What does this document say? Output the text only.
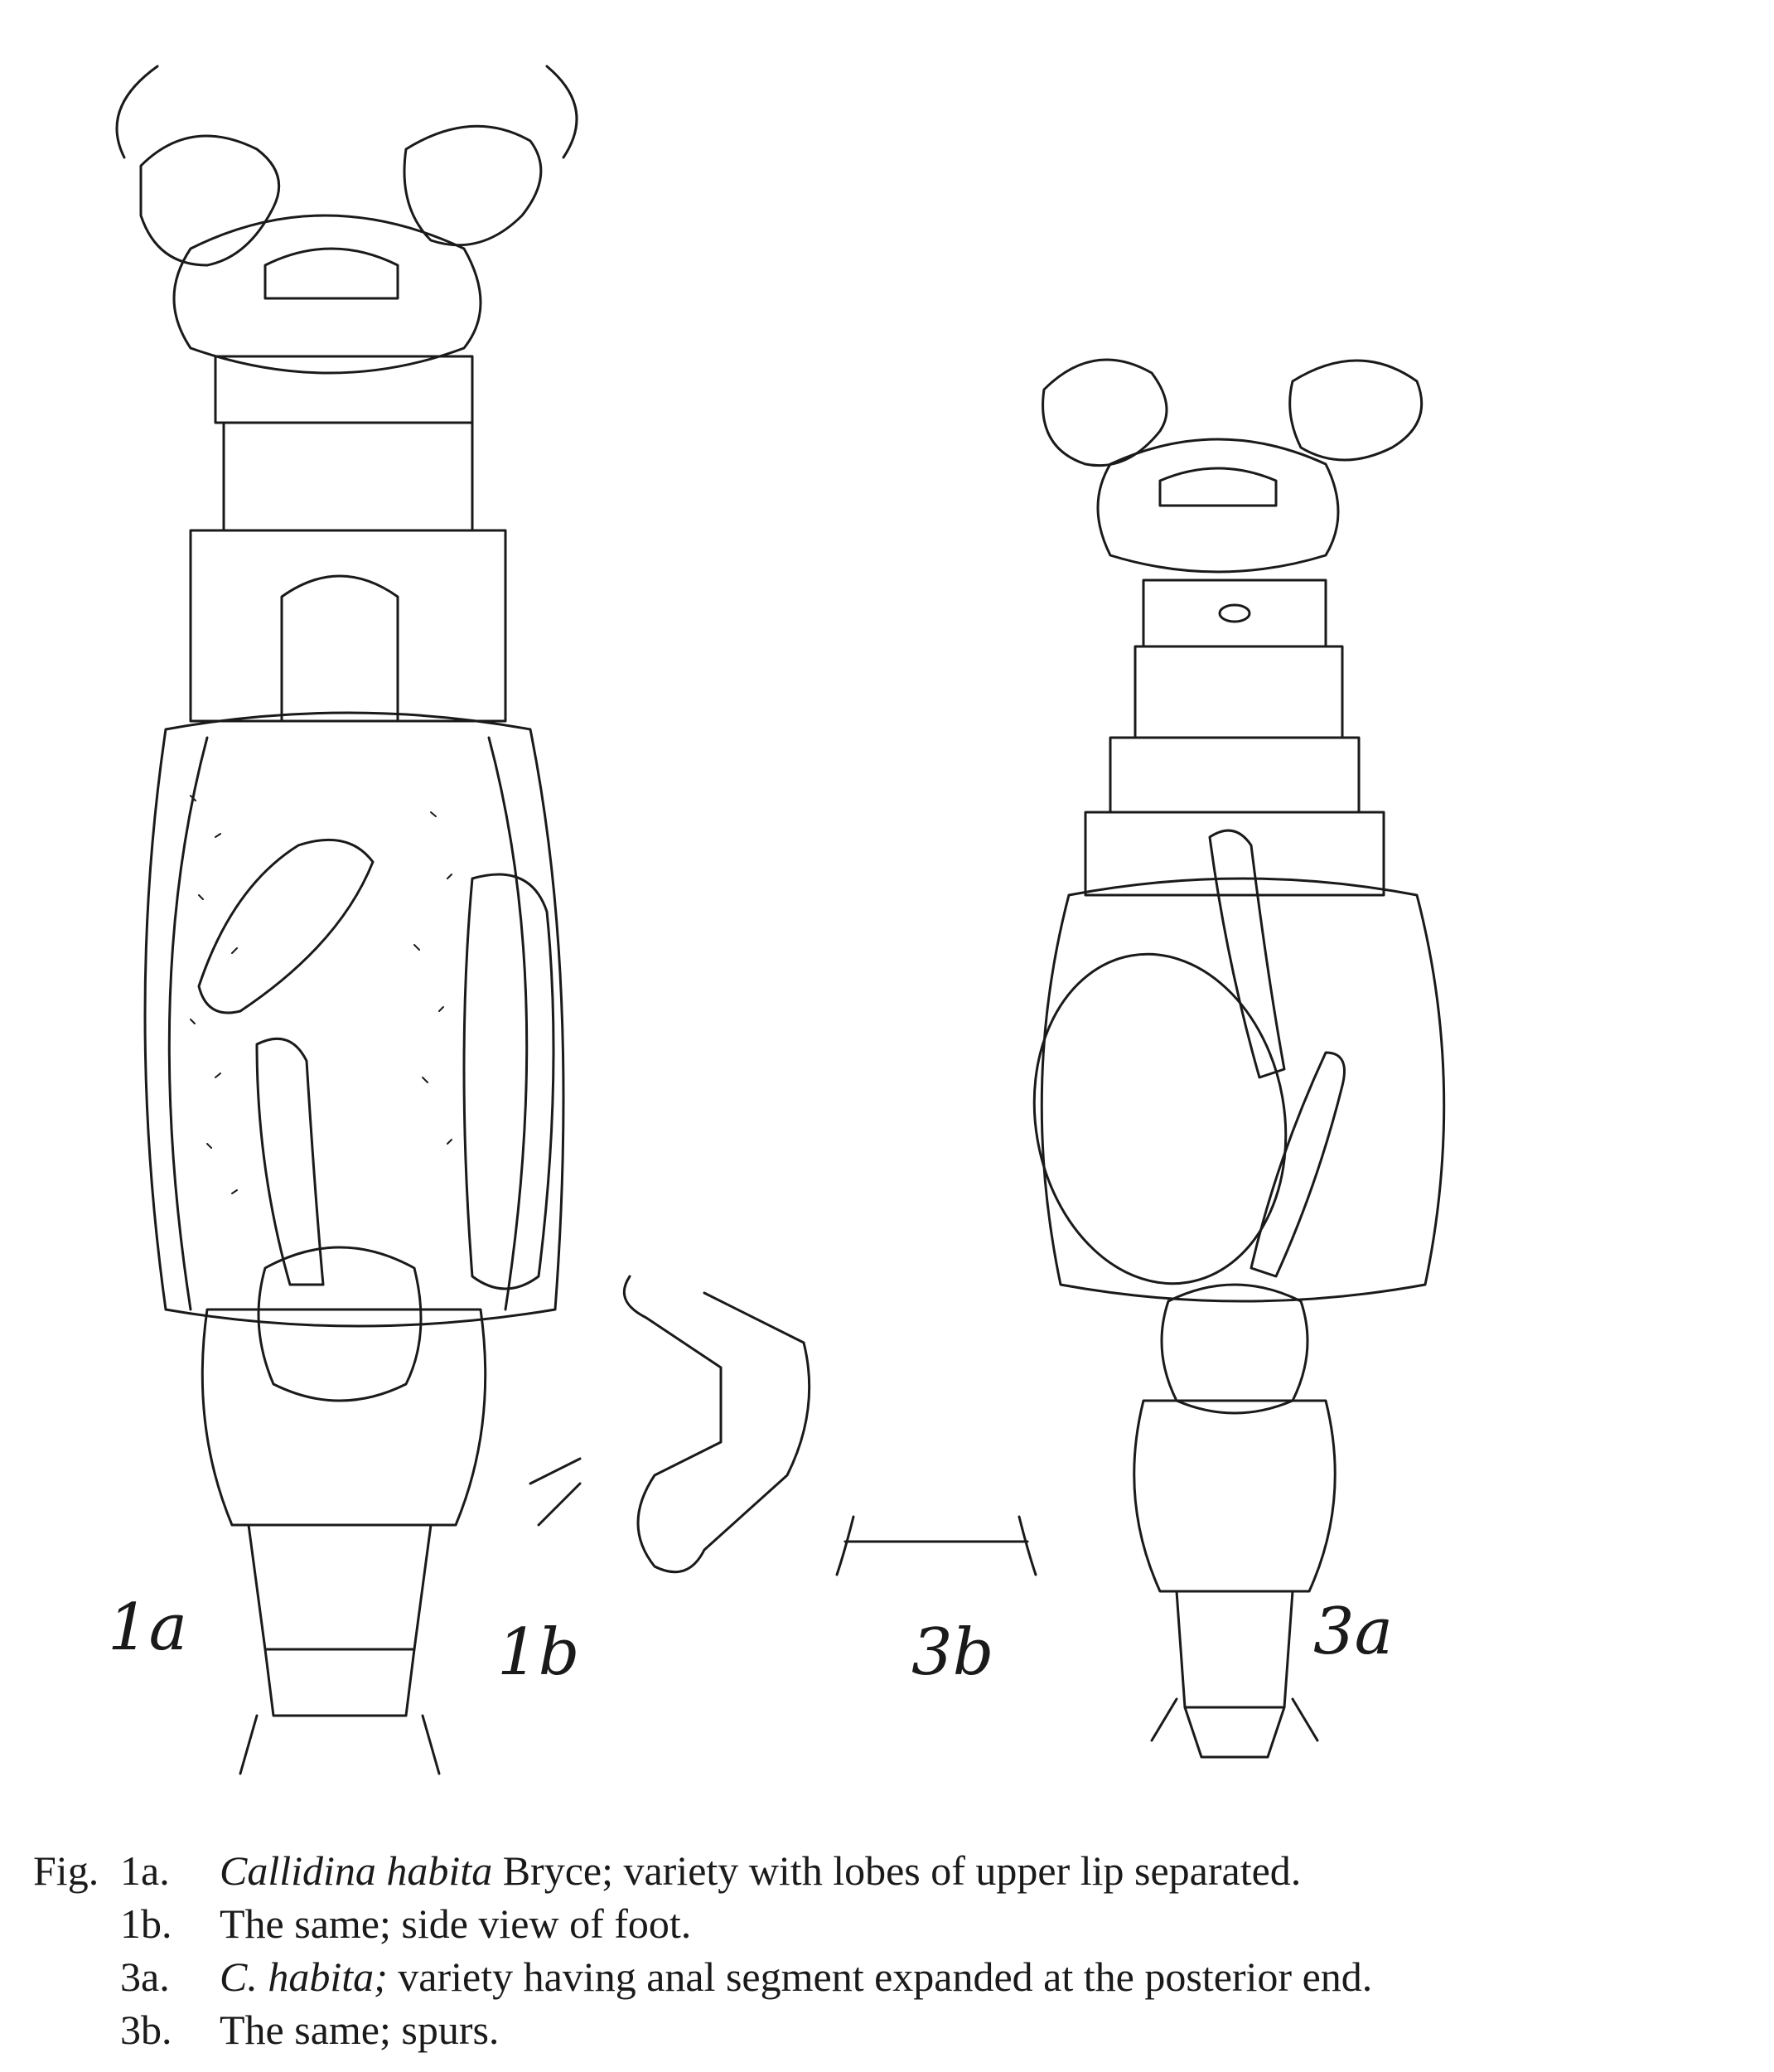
1a	1b	3b	3a
Fig. 1a. Callidina habita Bryce; variety with lobes of upper lip separated.
1b. The same; side view of foot.
3a. C. habita; variety having anal segment expanded at the posterior end.
3b. The same; spurs.
